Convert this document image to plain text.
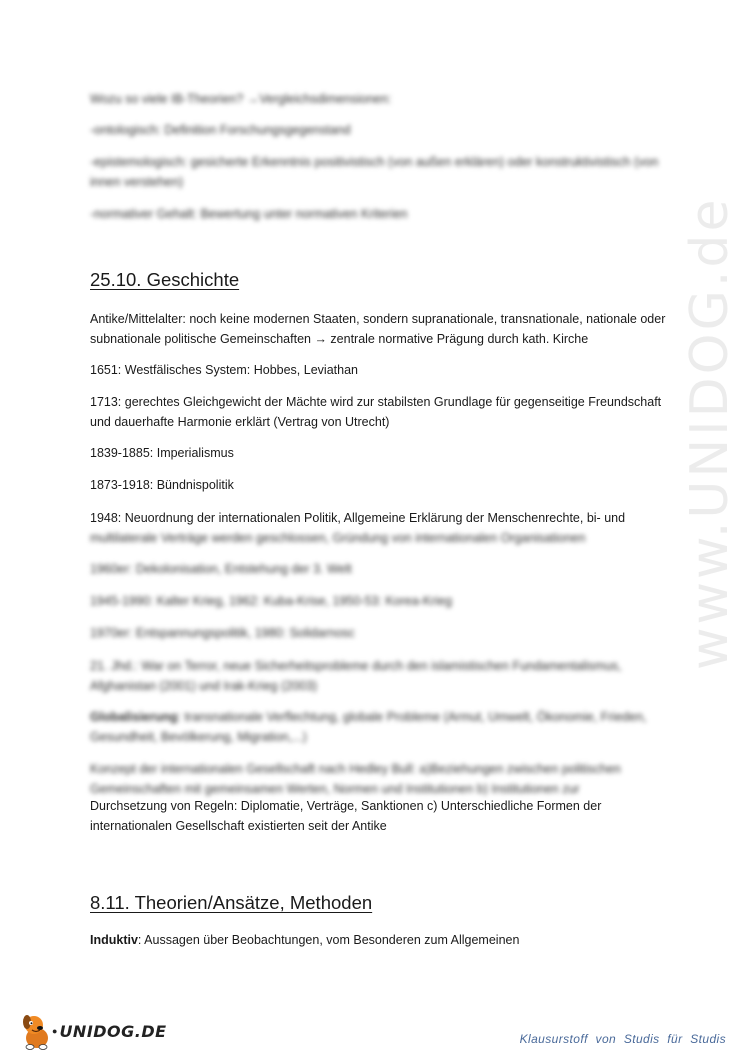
www.UNIDOG.de

Wozu so viele IB-Theorien? →Vergleichsdimensionen:

-ontologisch: Definition Forschungsgegenstand

-epistemologisch: gesicherte Erkenntnis positivistisch (von außen erklären) oder konstruktivistisch (von innen verstehen)

-normativer Gehalt: Bewertung unter normativen Kriterien

25.10. Geschichte

Antike/Mittelalter: noch keine modernen Staaten, sondern supranationale, transnationale, nationale oder subnationale politische Gemeinschaften → zentrale normative Prägung durch kath. Kirche

1651: Westfälisches System: Hobbes, Leviathan

1713: gerechtes Gleichgewicht der Mächte wird zur stabilsten Grundlage für gegenseitige Freundschaft und dauerhafte Harmonie erklärt (Vertrag von Utrecht)

1839-1885: Imperialismus

1873-1918: Bündnispolitik

1948: Neuordnung der internationalen Politik, Allgemeine Erklärung der Menschenrechte, bi- und

multilaterale Verträge werden geschlossen, Gründung von internationalen Organisationen

1960er: Dekolonisation, Entstehung der 3. Welt

1945-1990: Kalter Krieg, 1962: Kuba-Krise, 1950-53: Korea-Krieg

1970er: Entspannungspolitik, 1980: Solidarnosc

21. Jhd.: War on Terror, neue Sicherheitsprobleme durch den islamistischen Fundamentalismus, Afghanistan (2001) und Irak-Krieg (2003)

Globalisierung: transnationale Verflechtung, globale Probleme (Armut, Umwelt, Ökonomie, Frieden, Gesundheit, Bevölkerung, Migration,...)

Konzept der internationalen Gesellschaft nach Hedley Bull: a)Beziehungen zwischen politischen Gemeinschaften mit gemeinsamen Werten, Normen und Institutionen b) Institutionen zur

Durchsetzung von Regeln: Diplomatie, Verträge, Sanktionen c) Unterschiedliche Formen der internationalen Gesellschaft existierten seit der Antike

8.11. Theorien/Ansätze, Methoden

Induktiv: Aussagen über Beobachtungen, vom Besonderen zum Allgemeinen

● UNIDOG.DE	Klausurstoff von Studis für Studis
